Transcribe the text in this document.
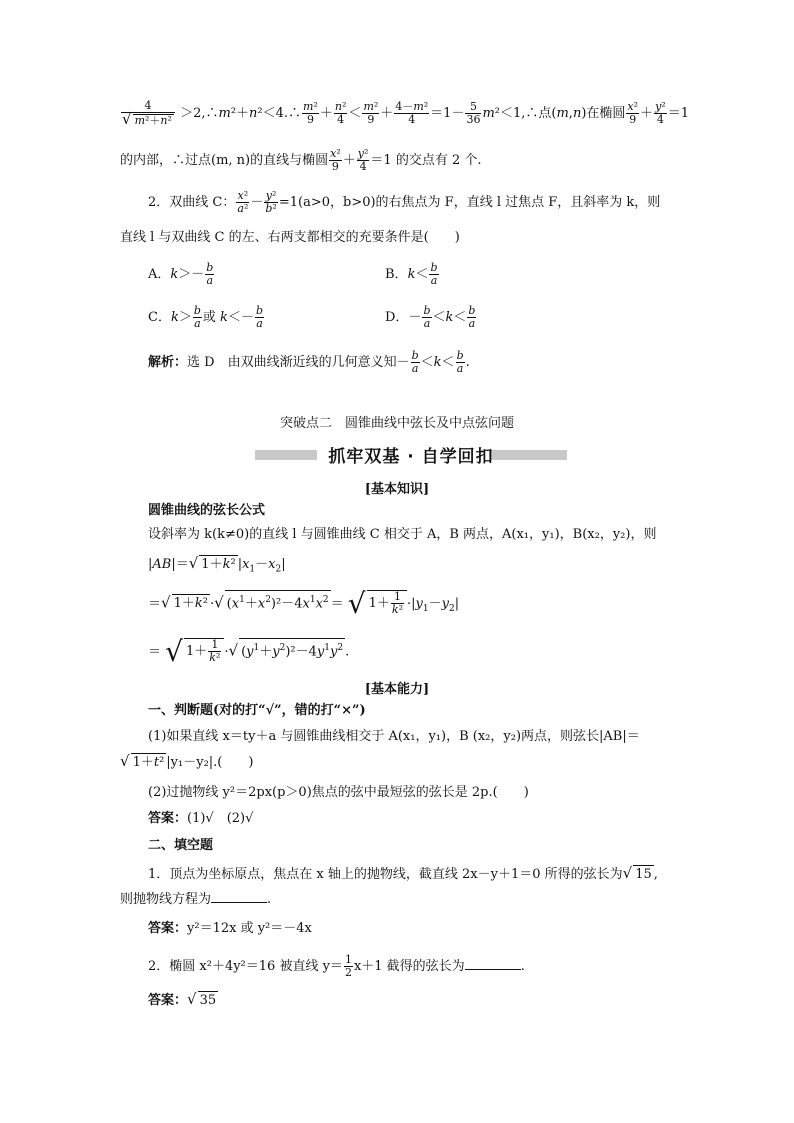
$\frac{4}{\text{√ m²＋n²}}$ ＞2,∴m²＋n²＜4.∴ $\frac{\text{m²}}{9} + \frac{\text{n²}}{4} < \frac{\text{m²}}{9} + \frac{\text{4－m²}}{4} =1- \frac{5}{36}$ m²＜1,∴点(m,n)在椭圆 $\frac{\text{x²}}{9} + \frac{\text{y²}}{4} =1$
的内部，∴过点(m, n)的直线与椭圆 $\frac{\text{x²}}{9} + \frac{\text{y²}}{4} =1$ 的交点有 2 个.
2．双曲线 C： $\frac{\text{x²}}{\text{a²}} - \frac{\text{y²}}{\text{b²}} =1(a>0$，b>0)的右焦点为 F，直线 l 过焦点 F，且斜率为 k，则
直线 l 与双曲线 C 的左、右两支都相交的充要条件是(　　)
A．$k>- \frac{b}{a}$	B．$k< \frac{b}{a}$
C．$k> \frac{b}{a}$ 或 $k<- \frac{b}{a}$	D．－ $\frac{b}{a} <k< \frac{b}{a}$
解析：选 D　由双曲线渐近线的几何意义知－ $\frac{b}{a} <k< \frac{b}{a}$ .
突破点二　圆锥曲线中弦长及中点弦问题
抓牢双基 · 自学回扣
[基本知识]
圆锥曲线的弦长公式
设斜率为 k(k≠0)的直线 l 与圆锥曲线 C 相交于 A，B 两点，A(x₁，y₁)，B(x₂，y₂)，则
|AB|＝√ 1＋k² $|x_1-x_2|$
＝√ 1＋k² ·√ $(x^1+x^2)^2-4x^1x^2$ ＝ √ $1+ \frac{1}{\text{k²}} \cdot|y_1-y_2|$
＝ √ $1+ \frac{1}{\text{k²}}$ ·√ $(y^1+y^2)^2-4y^1y^2$ .
[基本能力]
一、判断题(对的打“√”，错的打“×”)
(1)如果直线 x＝ty＋a 与圆锥曲线相交于 A(x₁，y₁)，B (x₂，y₂)两点，则弦长|AB|＝
√ 1＋t² |y₁－y₂|.(　　)
(2)过抛物线 y²＝2px(p＞0)焦点的弦中最短弦的弦长是 2p.(　　)
答案：(1)√　(2)√
二、填空题
1．顶点为坐标原点，焦点在 x 轴上的抛物线，截直线 2x－y＋1＝0 所得的弦长为√ 15 ,
则抛物线方程为	.
答案：y²＝12x 或 y²＝－4x
2．椭圆 x²＋4y²＝16 被直线 $y= \frac{1}{2} x+1$ 截得的弦长为	.
答案：√ 35
